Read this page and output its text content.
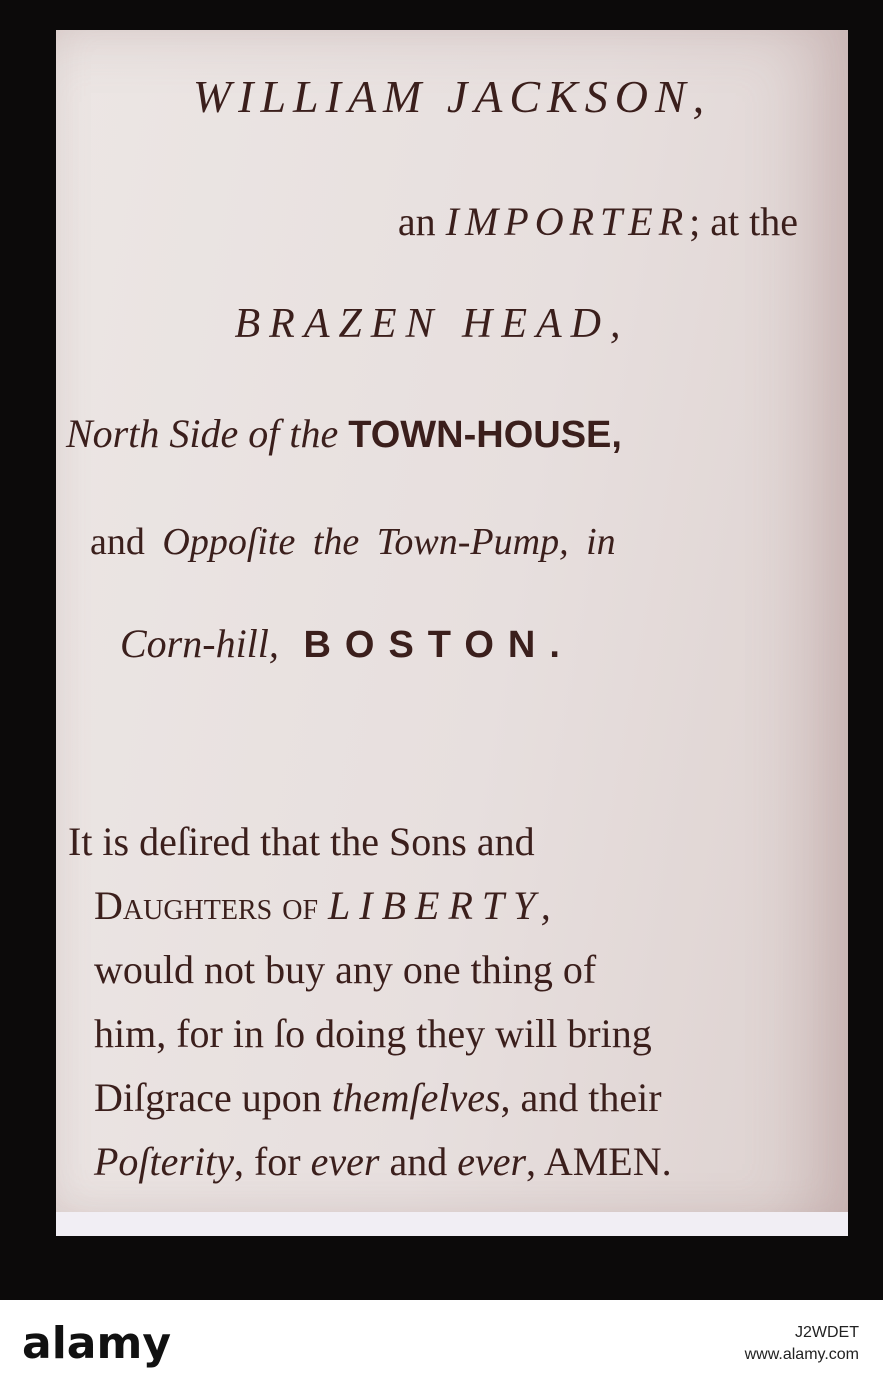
WILLIAM JACKSON,
an IMPORTER; at the
BRAZEN HEAD,
North Side of the TOWN-HOUSE,
and Oppoſite the Town-Pump, in
Corn-hill, BOSTON.
It is deſired that the Sons and
Daughters of LIBERTY,
would not buy any one thing of
him, for in ſo doing they will bring
Diſgrace upon themſelves, and their
Poſterity, for ever and ever, AMEN.
alamy	J2WDET
www.alamy.com
